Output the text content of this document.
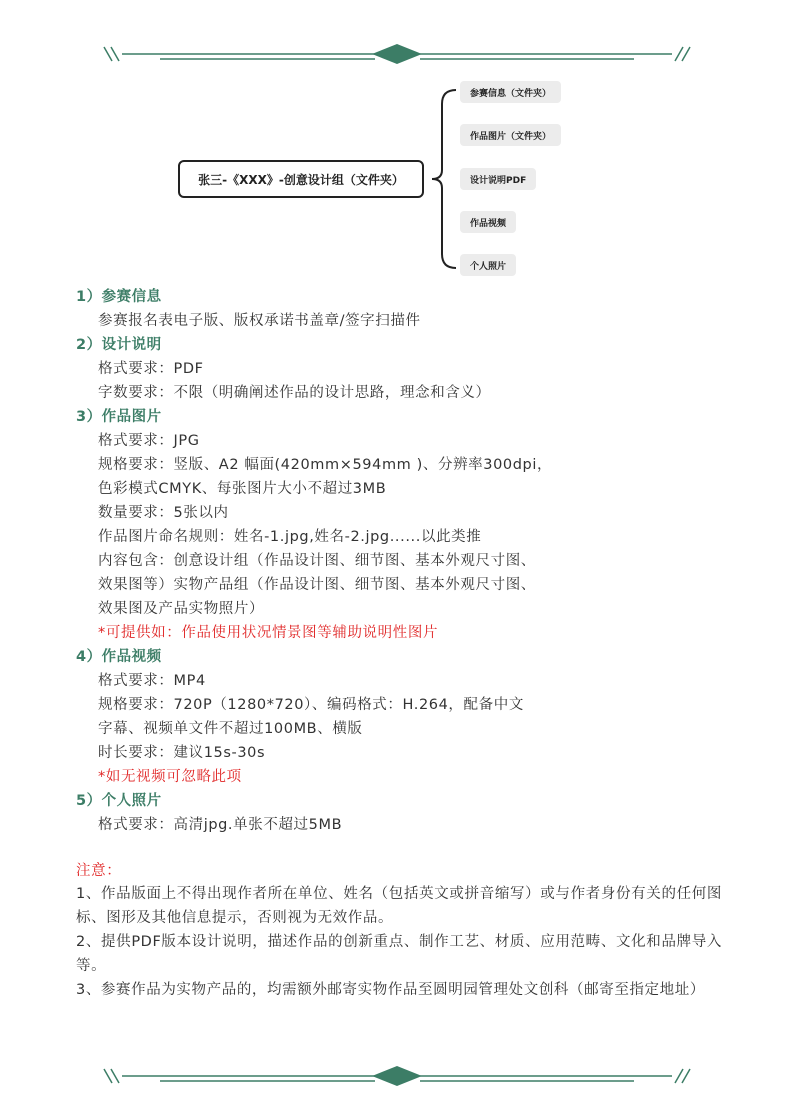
张三-《XXX》-创意设计组（文件夹）
参赛信息（文件夹）
作品图片（文件夹）
设计说明PDF
作品视频
个人照片
1）参赛信息
参赛报名表电子版、版权承诺书盖章/签字扫描件
2）设计说明
格式要求：PDF
字数要求：不限（明确阐述作品的设计思路，理念和含义）
3）作品图片
格式要求：JPG
规格要求：竖版、A2 幅面(420mm×594mm )、分辨率300dpi，
色彩模式CMYK、每张图片大小不超过3MB
数量要求：5张以内
作品图片命名规则：姓名-1.jpg,姓名-2.jpg......以此类推
内容包含：创意设计组（作品设计图、细节图、基本外观尺寸图、
效果图等）实物产品组（作品设计图、细节图、基本外观尺寸图、
效果图及产品实物照片）
*可提供如：作品使用状况情景图等辅助说明性图片
4）作品视频
格式要求：MP4
规格要求：720P（1280*720）、编码格式：H.264，配备中文
字幕、视频单文件不超过100MB、横版
时长要求：建议15s-30s
*如无视频可忽略此项
5）个人照片
格式要求：高清jpg.单张不超过5MB
注意：
1、作品版面上不得出现作者所在单位、姓名（包括英文或拼音缩写）或与作者身份有关的任何图标、图形及其他信息提示，否则视为无效作品。
2、提供PDF版本设计说明，描述作品的创新重点、制作工艺、材质、应用范畴、文化和品牌导入等。
3、参赛作品为实物产品的，均需额外邮寄实物作品至圆明园管理处文创科（邮寄至指定地址）
